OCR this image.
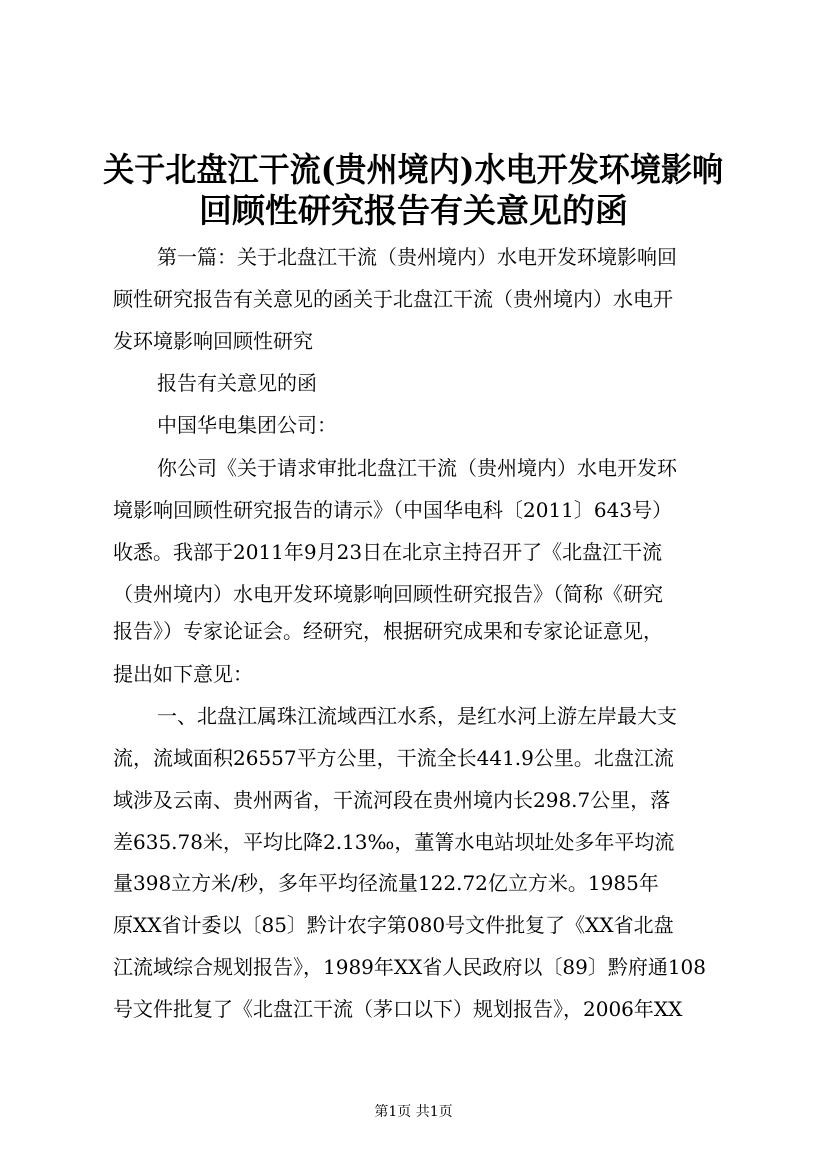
关于北盘江干流(贵州境内)水电开发环境影响
回顾性研究报告有关意见的函
第一篇：关于北盘江干流（贵州境内）水电开发环境影响回
顾性研究报告有关意见的函关于北盘江干流（贵州境内）水电开
发环境影响回顾性研究
报告有关意见的函
中国华电集团公司：
你公司《关于请求审批北盘江干流（贵州境内）水电开发环
境影响回顾性研究报告的请示》（中国华电科〔2011〕643号）
收悉。我部于2011年9月23日在北京主持召开了《北盘江干流
（贵州境内）水电开发环境影响回顾性研究报告》（简称《研究
报告》）专家论证会。经研究，根据研究成果和专家论证意见，
提出如下意见：
一、北盘江属珠江流域西江水系，是红水河上游左岸最大支
流，流域面积26557平方公里，干流全长441.9公里。北盘江流
域涉及云南、贵州两省，干流河段在贵州境内长298.7公里，落
差635.78米，平均比降2.13‰，董箐水电站坝址处多年平均流
量398立方米/秒，多年平均径流量122.72亿立方米。1985年
原XX省计委以〔85〕黔计农字第080号文件批复了《XX省北盘
江流域综合规划报告》，1989年XX省人民政府以〔89〕黔府通108
号文件批复了《北盘江干流（茅口以下）规划报告》，2006年XX
第1页 共1页
